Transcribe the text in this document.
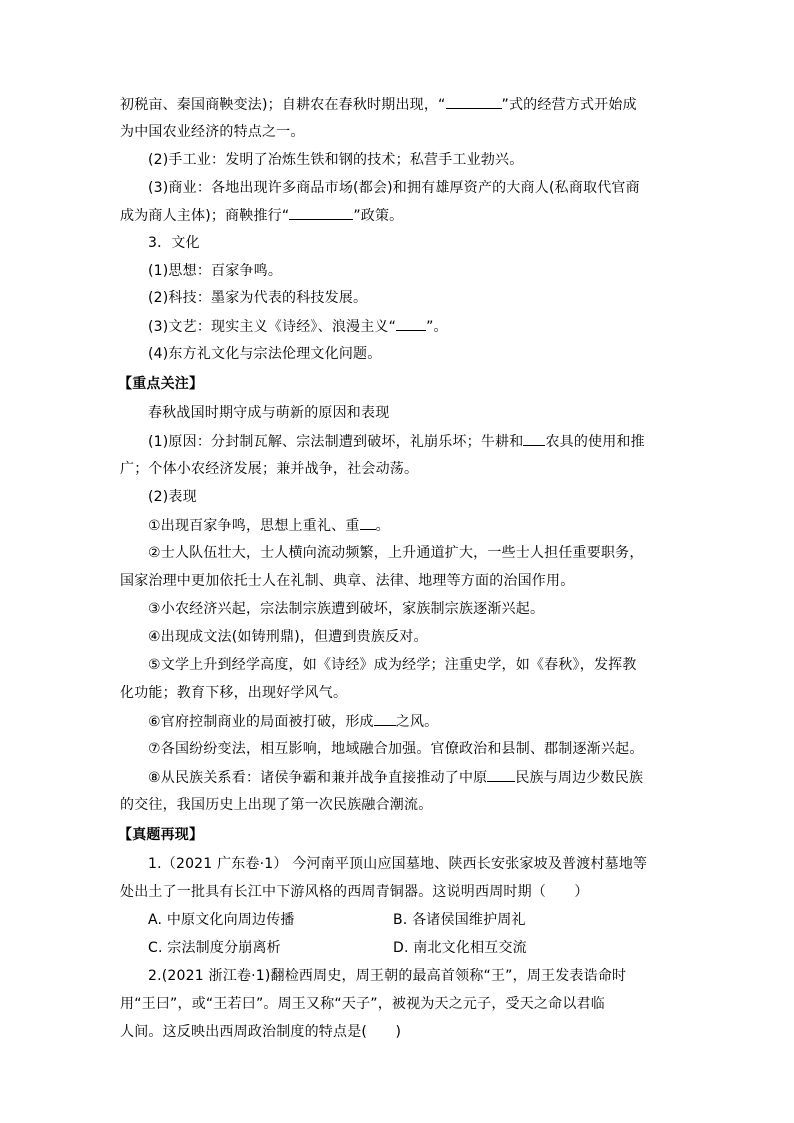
初税亩、秦国商鞅变法)；自耕农在春秋时期出现，“	”式的经营方式开始成
为中国农业经济的特点之一。
(2)手工业：发明了冶炼生铁和钢的技术；私营手工业勃兴。
(3)商业：各地出现许多商品市场(都会)和拥有雄厚资产的大商人(私商取代官商
成为商人主体)；商鞅推行“	”政策。
3．文化
(1)思想：百家争鸣。
(2)科技：墨家为代表的科技发展。
(3)文艺：现实主义《诗经》、浪漫主义“ ”。
(4)东方礼文化与宗法伦理文化问题。
【重点关注】
春秋战国时期守成与萌新的原因和表现
(1)原因：分封制瓦解、宗法制遭到破坏，礼崩乐坏；牛耕和 农具的使用和推
广；个体小农经济发展；兼并战争，社会动荡。
(2)表现
①出现百家争鸣，思想上重礼、重 。
②士人队伍壮大，士人横向流动频繁，上升通道扩大，一些士人担任重要职务，
国家治理中更加依托士人在礼制、典章、法律、地理等方面的治国作用。
③小农经济兴起，宗法制宗族遭到破坏，家族制宗族逐渐兴起。
④出现成文法(如铸刑鼎)，但遭到贵族反对。
⑤文学上升到经学高度，如《诗经》成为经学；注重史学，如《春秋》，发挥教
化功能；教育下移，出现好学风气。
⑥官府控制商业的局面被打破，形成 之风。
⑦各国纷纷变法，相互影响，地域融合加强。官僚政治和县制、郡制逐渐兴起。
⑧从民族关系看：诸侯争霸和兼并战争直接推动了中原 民族与周边少数民族
的交往，我国历史上出现了第一次民族融合潮流。
【真题再现】
1.（2021 广东卷·1） 今河南平顶山应国墓地、陕西长安张家坡及普渡村墓地等
处出土了一批具有长江中下游风格的西周青铜器。这说明西周时期（　　）
A. 中原文化向周边传播	B. 各诸侯国维护周礼
C. 宗法制度分崩离析	D. 南北文化相互交流
2.(2021 浙江卷·1)翻检西周史，周王朝的最高首领称“王”，周王发表诰命时
用“王曰”，或“王若曰”。周王又称“天子”，被视为天之元子，受天之命以君临
人间。这反映出西周政治制度的特点是(　　)
